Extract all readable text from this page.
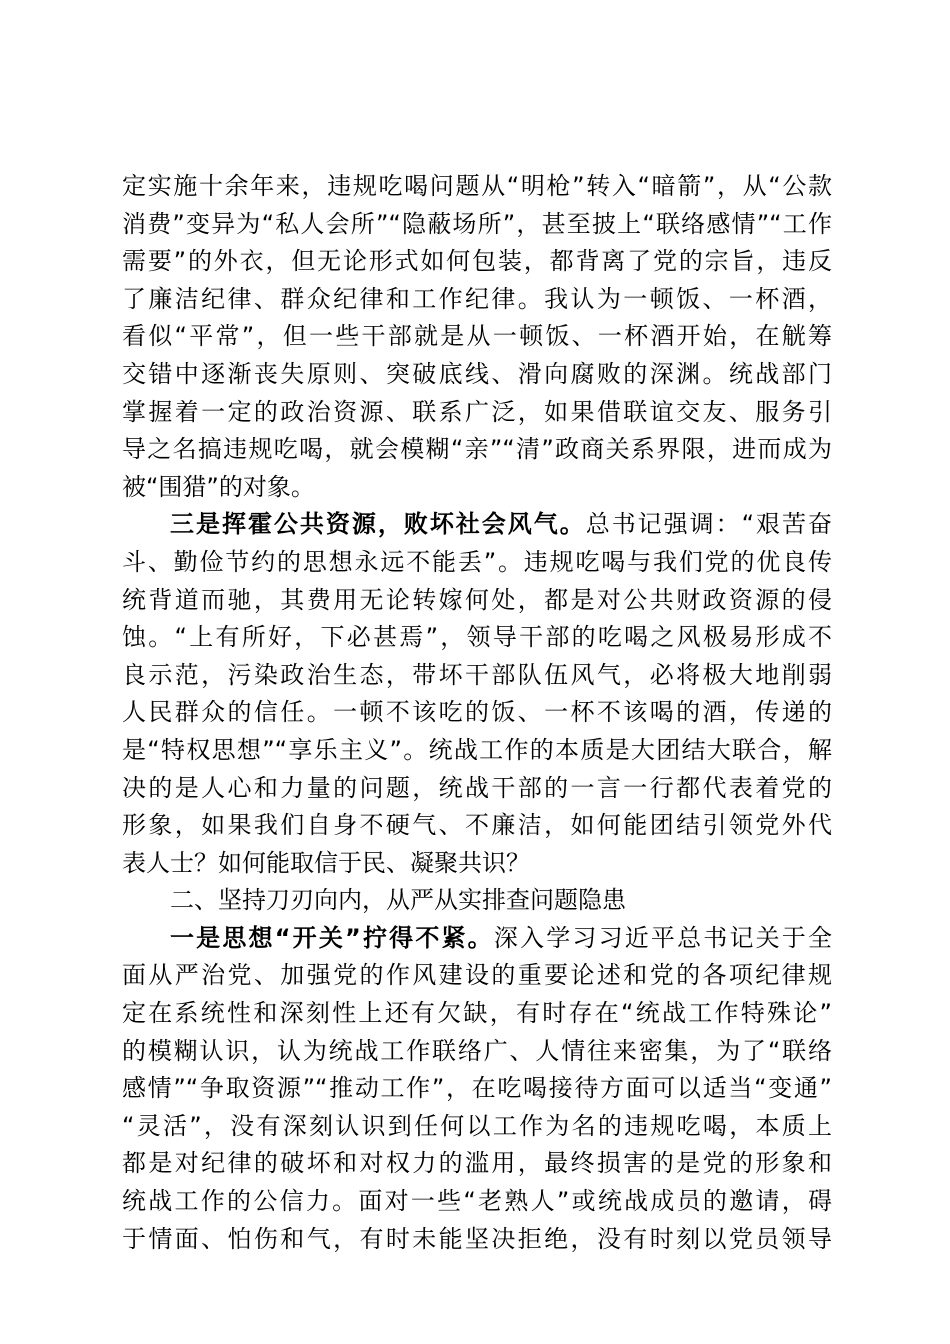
定实施十余年来，违规吃喝问题从“明枪”转入“暗箭”，从“公款
消费”变异为“私人会所”“隐蔽场所”，甚至披上“联络感情”“工作
需要”的外衣，但无论形式如何包装，都背离了党的宗旨，违反
了廉洁纪律、群众纪律和工作纪律。我认为一顿饭、一杯酒，
看似“平常”，但一些干部就是从一顿饭、一杯酒开始，在觥筹
交错中逐渐丧失原则、突破底线、滑向腐败的深渊。统战部门
掌握着一定的政治资源、联系广泛，如果借联谊交友、服务引
导之名搞违规吃喝，就会模糊“亲”“清”政商关系界限，进而成为
被“围猎”的对象。
三是挥霍公共资源，败坏社会风气。总书记强调：“艰苦奋
斗、勤俭节约的思想永远不能丢”。违规吃喝与我们党的优良传
统背道而驰，其费用无论转嫁何处，都是对公共财政资源的侵
蚀。“上有所好，下必甚焉”，领导干部的吃喝之风极易形成不
良示范，污染政治生态，带坏干部队伍风气，必将极大地削弱
人民群众的信任。一顿不该吃的饭、一杯不该喝的酒，传递的
是“特权思想”“享乐主义”。统战工作的本质是大团结大联合，解
决的是人心和力量的问题，统战干部的一言一行都代表着党的
形象，如果我们自身不硬气、不廉洁，如何能团结引领党外代
表人士？如何能取信于民、凝聚共识？
二、坚持刀刃向内，从严从实排查问题隐患
一是思想“开关”拧得不紧。深入学习习近平总书记关于全
面从严治党、加强党的作风建设的重要论述和党的各项纪律规
定在系统性和深刻性上还有欠缺，有时存在“统战工作特殊论”
的模糊认识，认为统战工作联络广、人情往来密集，为了“联络
感情”“争取资源”“推动工作”，在吃喝接待方面可以适当“变通”
“灵活”，没有深刻认识到任何以工作为名的违规吃喝，本质上
都是对纪律的破坏和对权力的滥用，最终损害的是党的形象和
统战工作的公信力。面对一些“老熟人”或统战成员的邀请，碍
于情面、怕伤和气，有时未能坚决拒绝，没有时刻以党员领导
